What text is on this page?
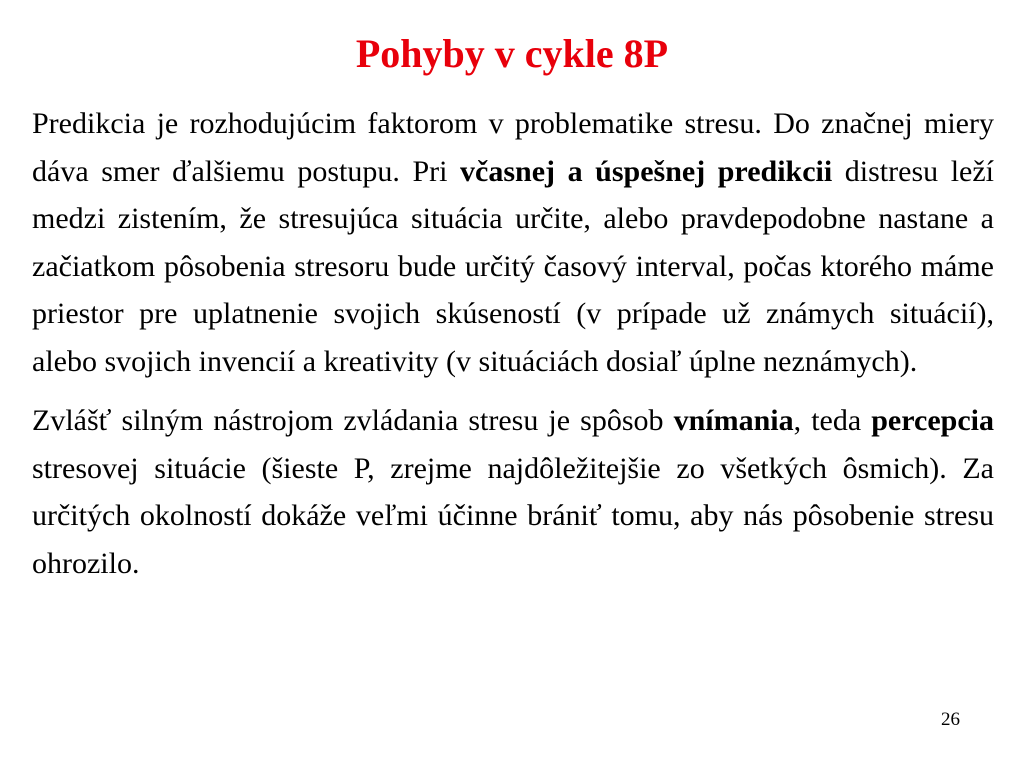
Pohyby v cykle 8P

Predikcia je rozhodujúcim faktorom v problematike stresu. Do značnej miery dáva smer ďalšiemu postupu. Pri včasnej a úspešnej predikcii distresu leží medzi zistením, že stresujúca situácia určite, alebo pravdepodobne nastane a začiatkom pôsobenia stresoru bude určitý časový interval, počas ktorého máme priestor pre uplatnenie svojich skúseností (v prípade už známych situácií), alebo svojich invencií a kreativity (v situáciách dosiaľ úplne neznámych).

Zvlášť silným nástrojom zvládania stresu je spôsob vnímania, teda percepcia stresovej situácie (šieste P, zrejme najdôležitejšie zo všetkých ôsmich). Za určitých okolností dokáže veľmi účinne brániť tomu, aby nás pôsobenie stresu ohrozilo.

26
